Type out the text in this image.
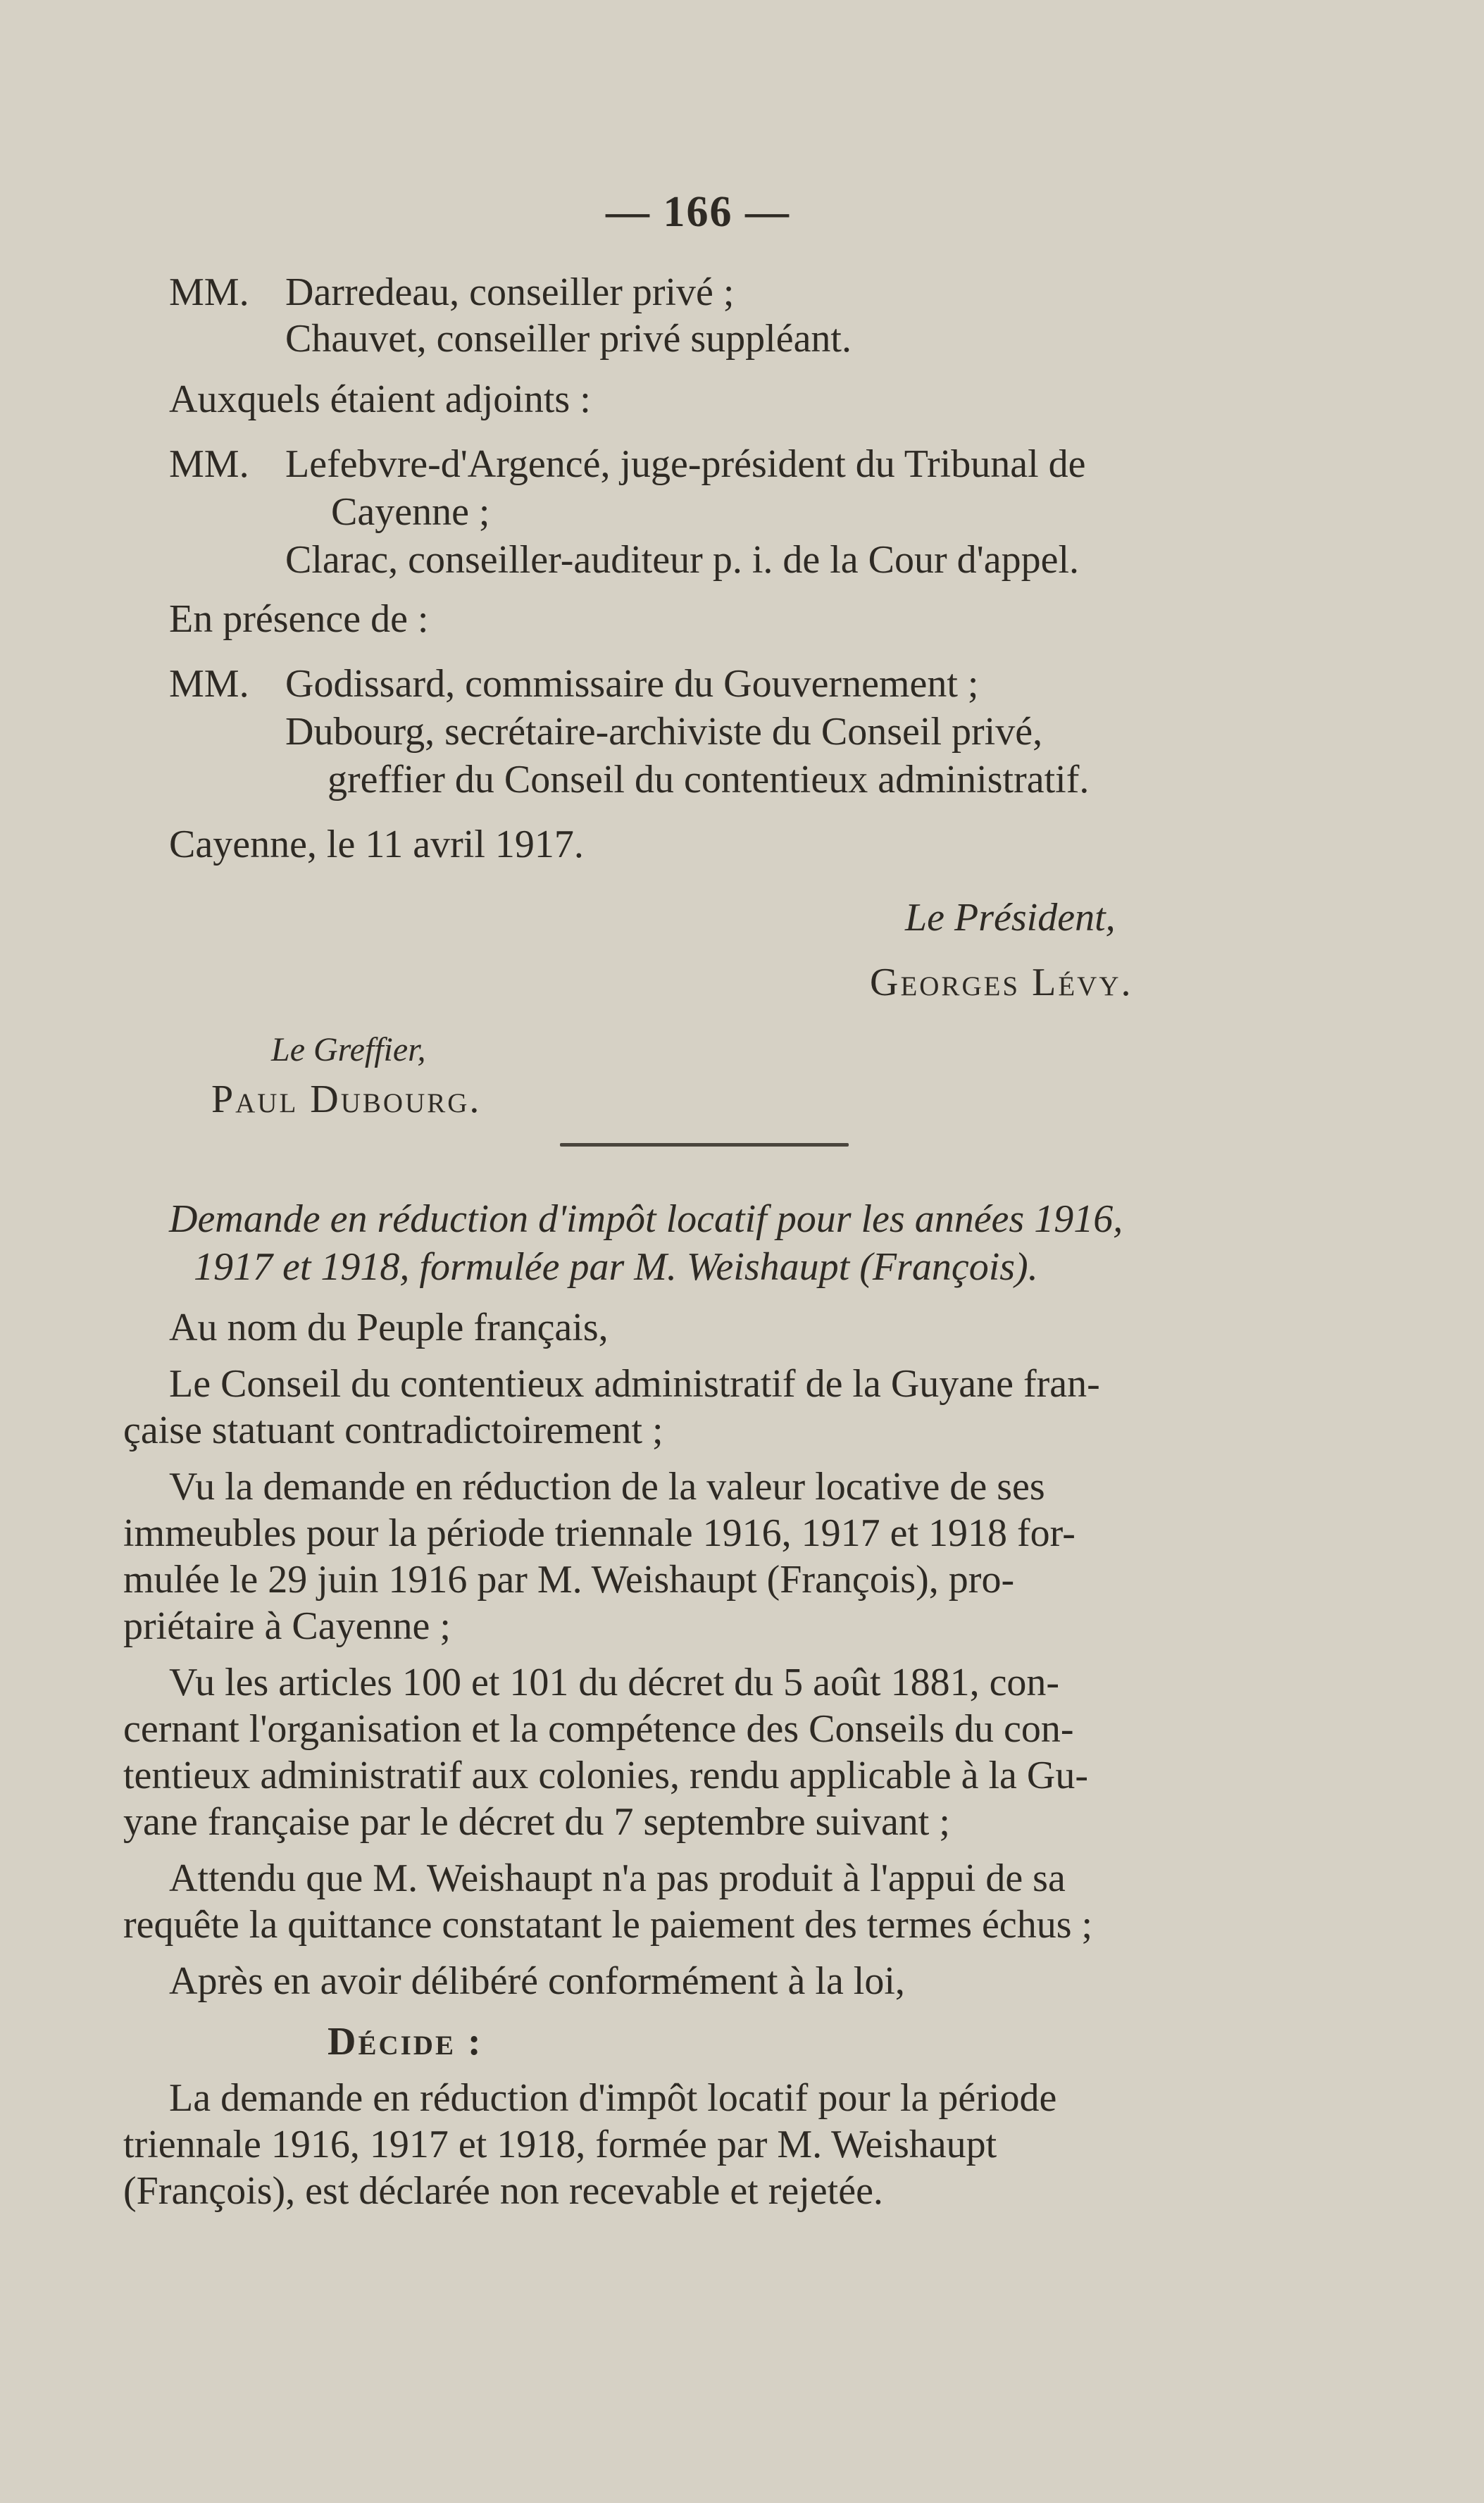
— 166 —
MM. Darredeau, conseiller privé ;
Chauvet, conseiller privé suppléant.
Auxquels étaient adjoints :
MM. Lefebvre-d'Argencé, juge-président du Tribunal de
Cayenne ;
Clarac, conseiller-auditeur p. i. de la Cour d'appel.
En présence de :
MM. Godissard, commissaire du Gouvernement ;
Dubourg, secrétaire-archiviste du Conseil privé,
greffier du Conseil du contentieux administratif.
Cayenne, le 11 avril 1917.
Le Président,
Georges Lévy.
Le Greffier,
Paul Dubourg.
Demande en réduction d'impôt locatif pour les années 1916,
1917 et 1918, formulée par M. Weishaupt (François).
Au nom du Peuple français,
Le Conseil du contentieux administratif de la Guyane fran-
çaise statuant contradictoirement ;
Vu la demande en réduction de la valeur locative de ses
immeubles pour la période triennale 1916, 1917 et 1918 for-
mulée le 29 juin 1916 par M. Weishaupt (François), pro-
priétaire à Cayenne ;
Vu les articles 100 et 101 du décret du 5 août 1881, con-
cernant l'organisation et la compétence des Conseils du con-
tentieux administratif aux colonies, rendu applicable à la Gu-
yane française par le décret du 7 septembre suivant ;
Attendu que M. Weishaupt n'a pas produit à l'appui de sa
requête la quittance constatant le paiement des termes échus ;
Après en avoir délibéré conformément à la loi,
Décide :
La demande en réduction d'impôt locatif pour la période
triennale 1916, 1917 et 1918, formée par M. Weishaupt
(François), est déclarée non recevable et rejetée.
